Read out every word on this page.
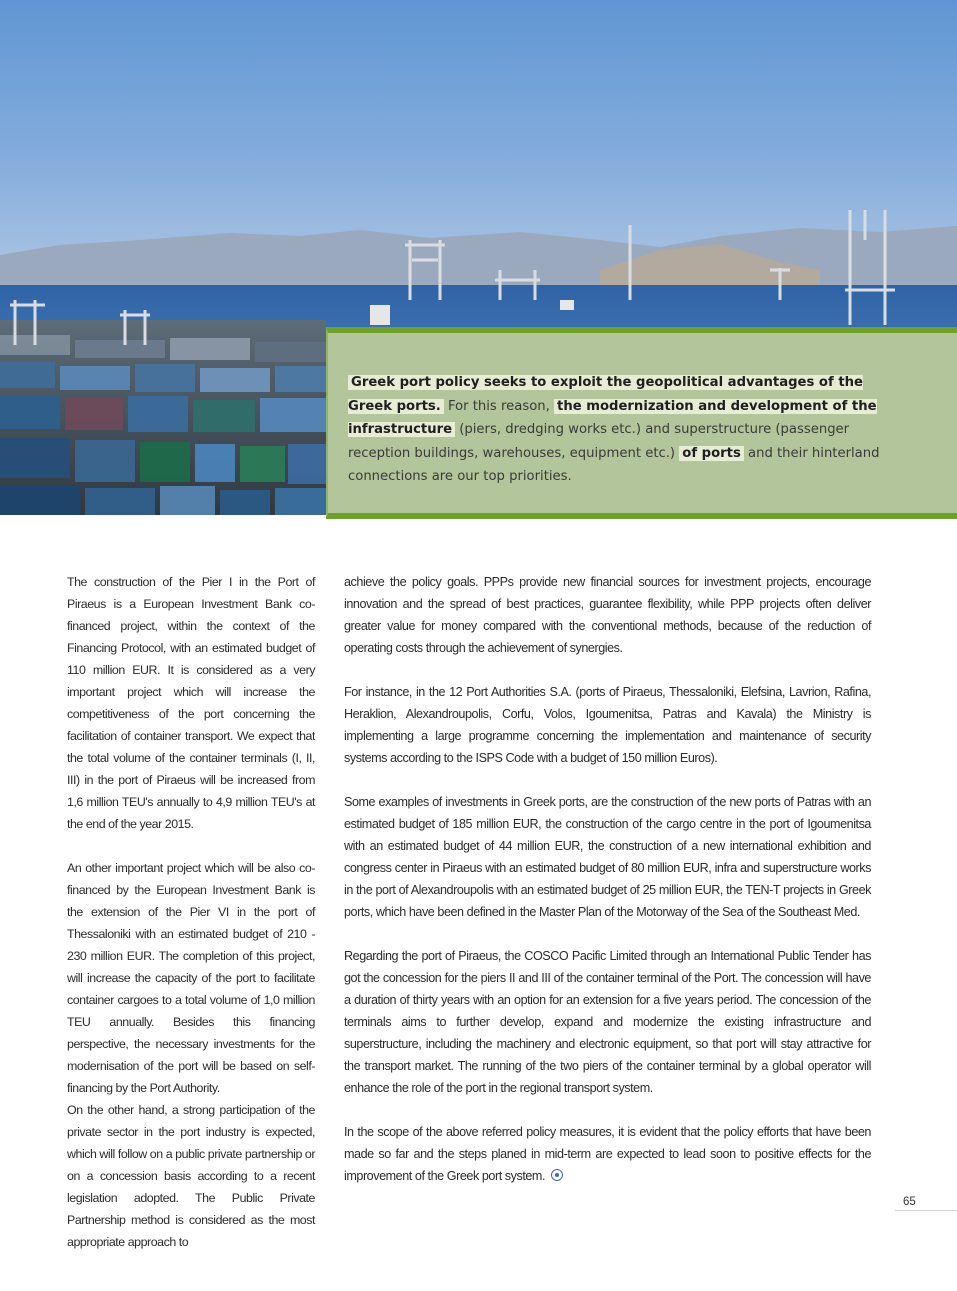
Greek port policy seeks to exploit the geopolitical advantages of the Greek ports. For this reason, the modernization and development of the infrastructure (piers, dredging works etc.) and superstructure (passenger reception buildings, warehouses, equipment etc.) of ports and their hinterland connections are our top priorities.

The construction of the Pier I in the Port of Piraeus is a European Investment Bank co-financed project, within the context of the Financing Protocol, with an estimated budget of 110 million EUR. It is considered as a very important project which will increase the competitiveness of the port concerning the facilitation of container transport. We expect that the total volume of the container terminals (I, II, III) in the port of Piraeus will be increased from 1,6 million TEU's annually to 4,9 million TEU's at the end of the year 2015.

An other important project which will be also co-financed by the European Investment Bank is the extension of the Pier VI in the port of Thessaloniki with an estimated budget of 210 - 230 million EUR. The completion of this project, will increase the capacity of the port to facilitate container cargoes to a total volume of 1,0 million TEU annually. Besides this financing perspective, the necessary investments for the modernisation of the port will be based on self-financing by the Port Authority.

On the other hand, a strong participation of the private sector in the port industry is expected, which will follow on a public private partnership or on a concession basis according to a recent legislation adopted. The Public Private Partnership method is considered as the most appropriate approach to

achieve the policy goals. PPPs provide new financial sources for investment projects, encourage innovation and the spread of best practices, guarantee flexibility, while PPP projects often deliver greater value for money compared with the conventional methods, because of the reduction of operating costs through the achievement of synergies.

For instance, in the 12 Port Authorities S.A. (ports of Piraeus, Thessaloniki, Elefsina, Lavrion, Rafina, Heraklion, Alexandroupolis, Corfu, Volos, Igoumenitsa, Patras and Kavala) the Ministry is implementing a large programme concerning the implementation and maintenance of security systems according to the ISPS Code with a budget of 150 million Euros).

Some examples of investments in Greek ports, are the construction of the new ports of Patras with an estimated budget of 185 million EUR, the construction of the cargo centre in the port of Igoumenitsa with an estimated budget of 44 million EUR, the construction of a new international exhibition and congress center in Piraeus with an estimated budget of 80 million EUR, infra and superstructure works in the port of Alexandroupolis with an estimated budget of 25 million EUR, the TEN-T projects in Greek ports, which have been defined in the Master Plan of the Motorway of the Sea of the Southeast Med.

Regarding the port of Piraeus, the COSCO Pacific Limited through an International Public Tender has got the concession for the piers II and III of the container terminal of the Port. The concession will have a duration of thirty years with an option for an extension for a five years period. The concession of the terminals aims to further develop, expand and modernize the existing infrastructure and superstructure, including the machinery and electronic equipment, so that port will stay attractive for the transport market. The running of the two piers of the container terminal by a global operator will enhance the role of the port in the regional transport system.

In the scope of the above referred policy measures, it is evident that the policy efforts that have been made so far and the steps planed in mid-term are expected to lead soon to positive effects for the improvement of the Greek port system.

65
